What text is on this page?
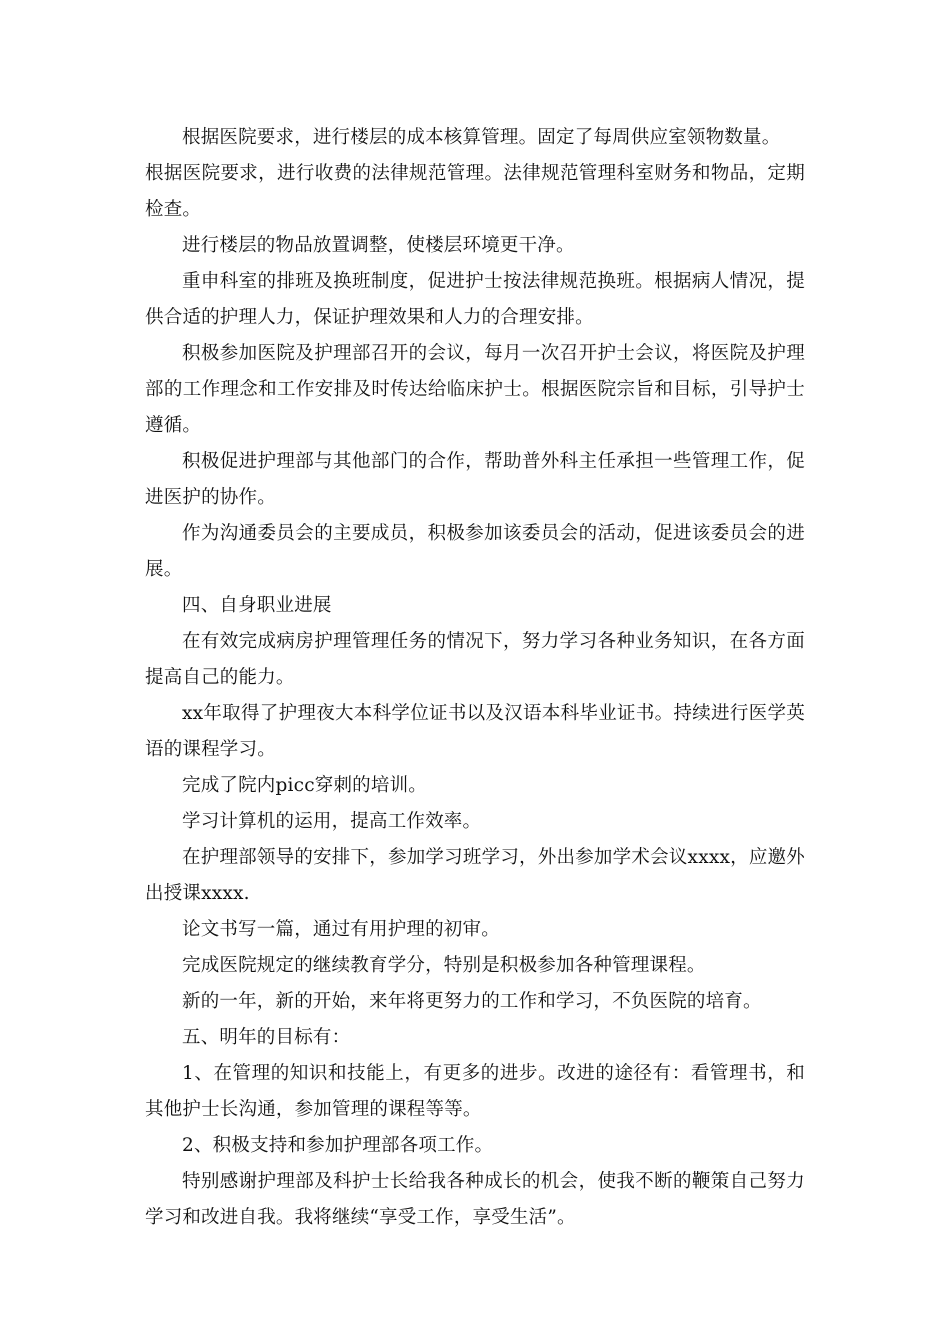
根据医院要求，进行楼层的成本核算管理。固定了每周供应室领物数量。

根据医院要求，进行收费的法律规范管理。法律规范管理科室财务和物品，定期检查。

进行楼层的物品放置调整，使楼层环境更干净。

重申科室的排班及换班制度，促进护士按法律规范换班。根据病人情况，提供合适的护理人力，保证护理效果和人力的合理安排。

积极参加医院及护理部召开的会议，每月一次召开护士会议，将医院及护理部的工作理念和工作安排及时传达给临床护士。根据医院宗旨和目标，引导护士遵循。

积极促进护理部与其他部门的合作，帮助普外科主任承担一些管理工作，促进医护的协作。

作为沟通委员会的主要成员，积极参加该委员会的活动，促进该委员会的进展。

四、自身职业进展

在有效完成病房护理管理任务的情况下，努力学习各种业务知识，在各方面提高自己的能力。

xx年取得了护理夜大本科学位证书以及汉语本科毕业证书。持续进行医学英语的课程学习。

完成了院内picc穿刺的培训。

学习计算机的运用，提高工作效率。

在护理部领导的安排下，参加学习班学习，外出参加学术会议xxxx，应邀外出授课xxxx.

论文书写一篇，通过有用护理的初审。

完成医院规定的继续教育学分，特别是积极参加各种管理课程。

新的一年，新的开始，来年将更努力的工作和学习，不负医院的培育。

五、明年的目标有：

1、在管理的知识和技能上，有更多的进步。改进的途径有：看管理书，和其他护士长沟通，参加管理的课程等等。

2、积极支持和参加护理部各项工作。

特别感谢护理部及科护士长给我各种成长的机会，使我不断的鞭策自己努力学习和改进自我。我将继续“享受工作，享受生活”。
